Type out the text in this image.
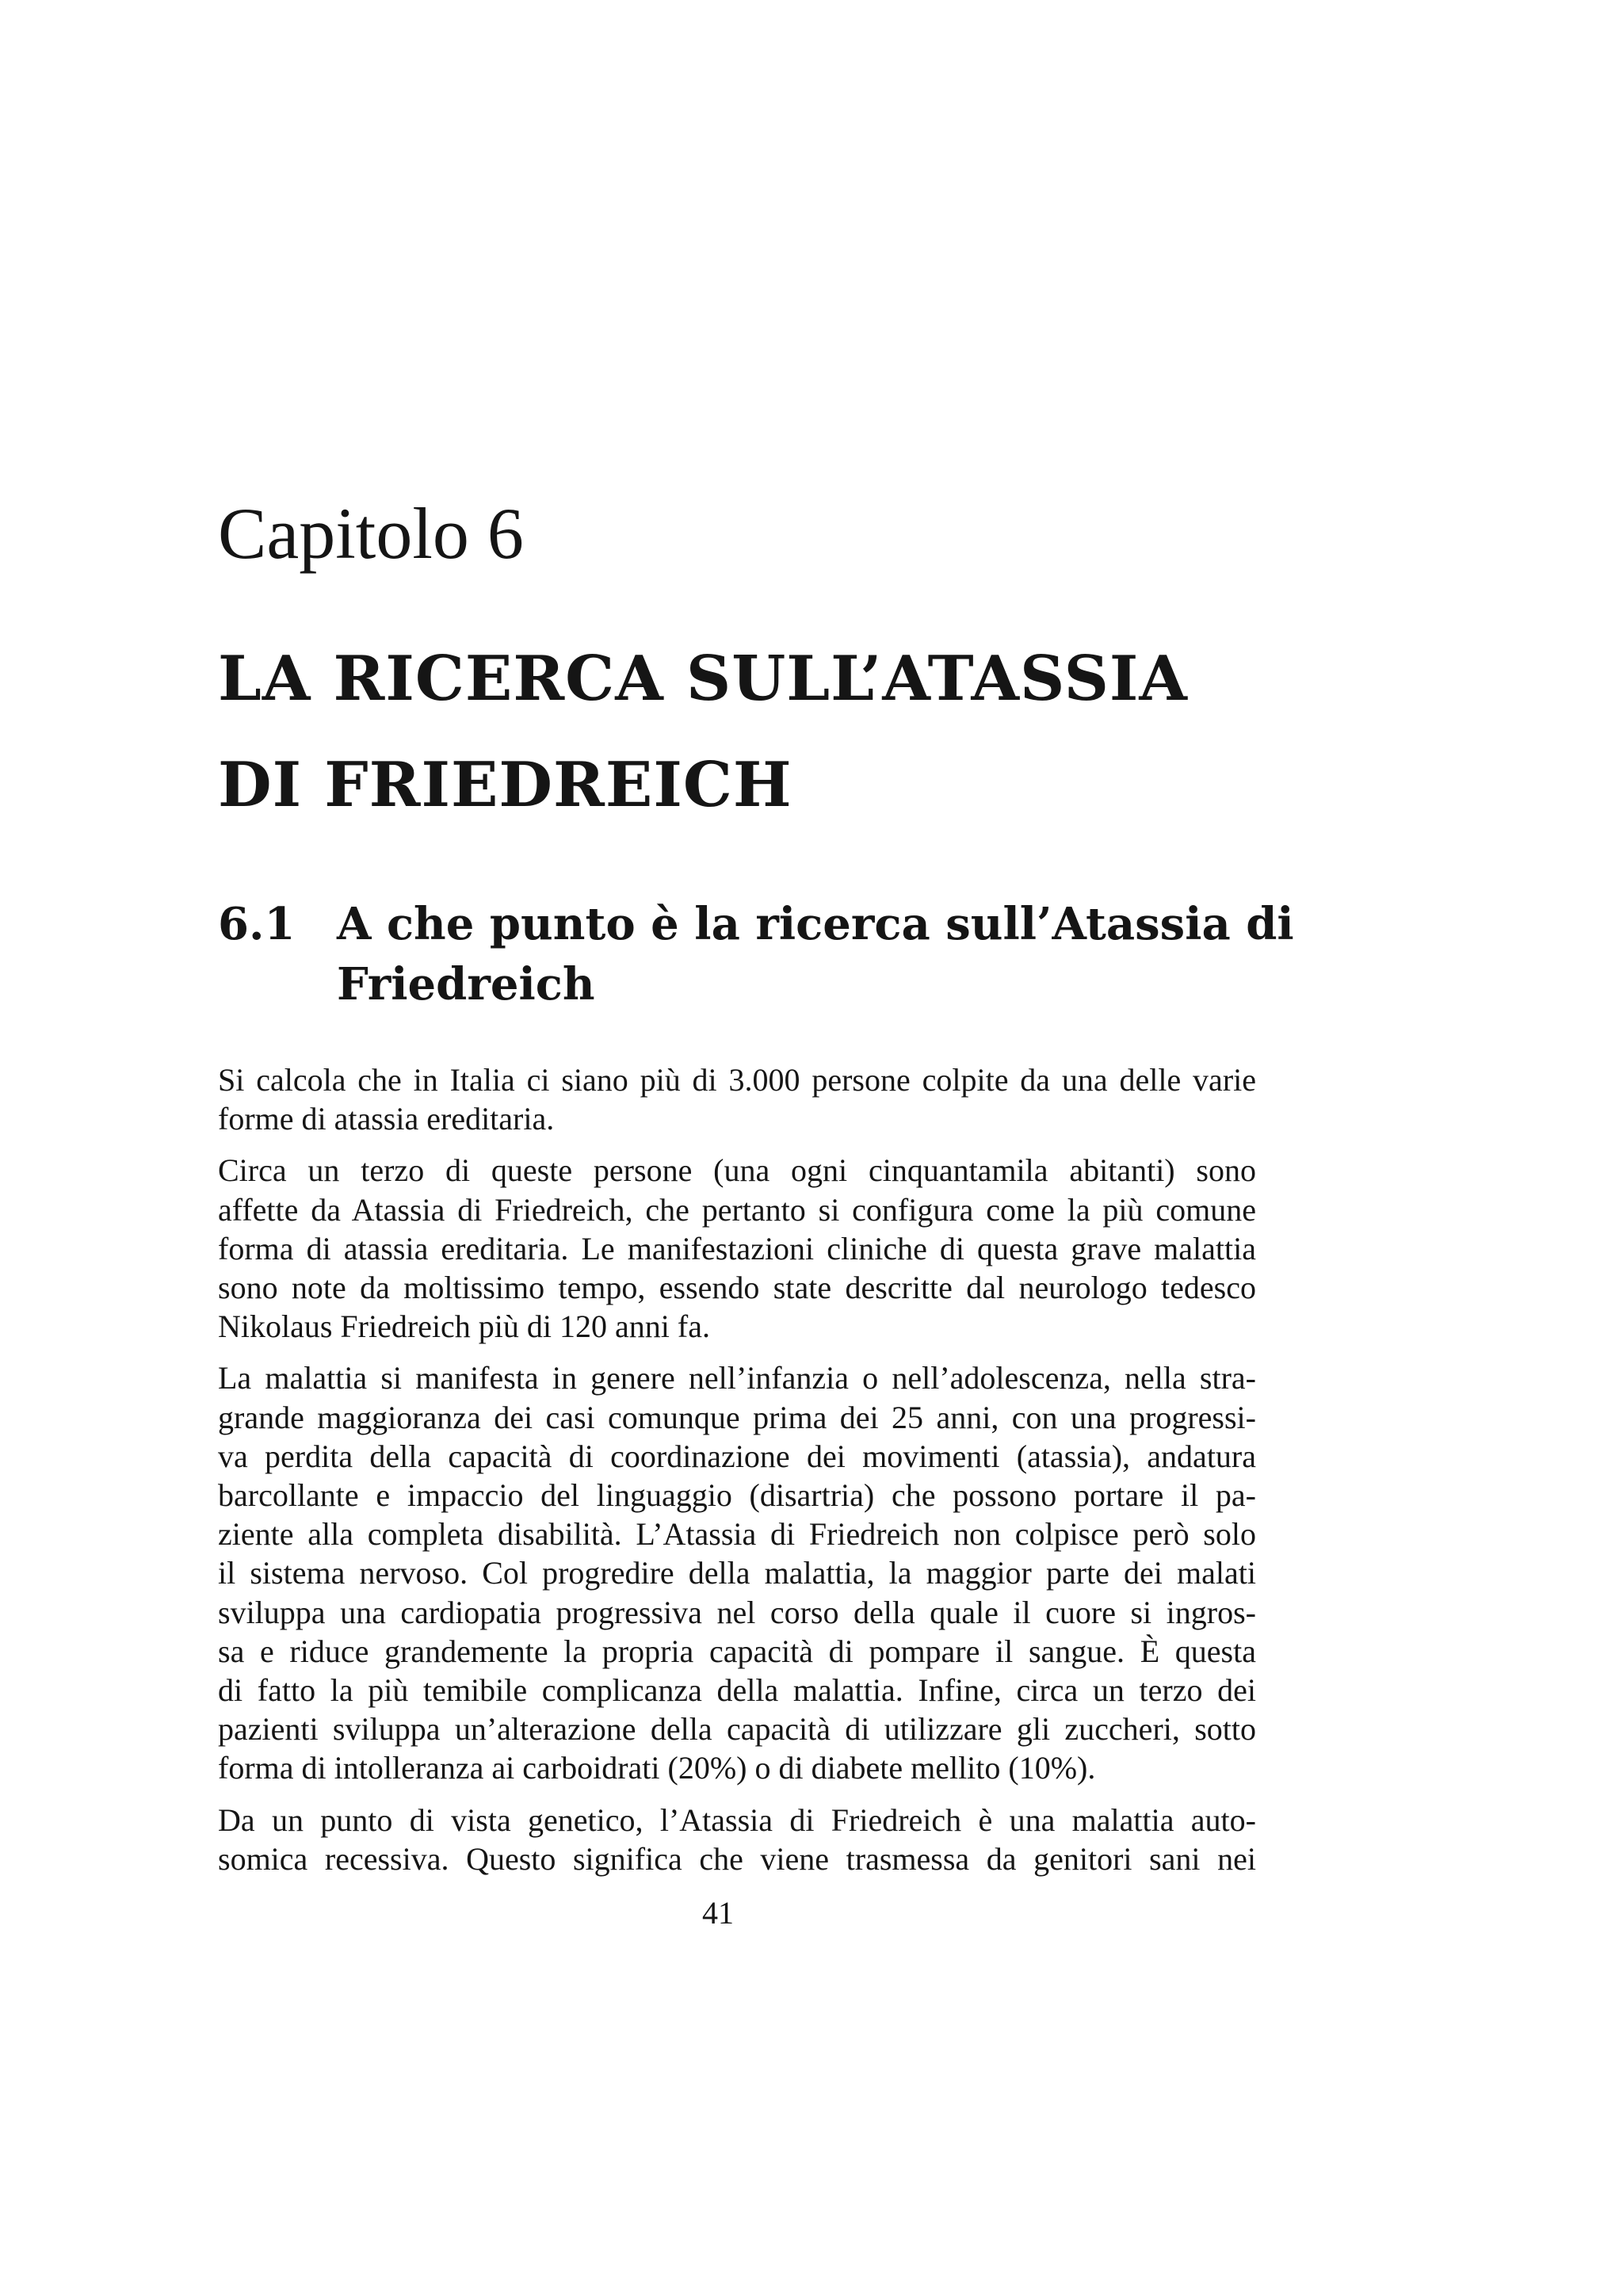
Capitolo 6
LA RICERCA SULL’ATASSIA
DI FRIEDREICH
6.1 A che punto è la ricerca sull’Atassia di
Friedreich

Si calcola che in Italia ci siano più di 3.000 persone colpite da una delle varie
forme di atassia ereditaria.

Circa un terzo di queste persone (una ogni cinquantamila abitanti) sono
affette da Atassia di Friedreich, che pertanto si configura come la più comune
forma di atassia ereditaria. Le manifestazioni cliniche di questa grave malattia
sono note da moltissimo tempo, essendo state descritte dal neurologo tedesco
Nikolaus Friedreich più di 120 anni fa.

La malattia si manifesta in genere nell’infanzia o nell’adolescenza, nella stra-
grande maggioranza dei casi comunque prima dei 25 anni, con una progressi-
va perdita della capacità di coordinazione dei movimenti (atassia), andatura
barcollante e impaccio del linguaggio (disartria) che possono portare il pa-
ziente alla completa disabilità. L’Atassia di Friedreich non colpisce però solo
il sistema nervoso. Col progredire della malattia, la maggior parte dei malati
sviluppa una cardiopatia progressiva nel corso della quale il cuore si ingros-
sa e riduce grandemente la propria capacità di pompare il sangue. È questa
di fatto la più temibile complicanza della malattia. Infine, circa un terzo dei
pazienti sviluppa un’alterazione della capacità di utilizzare gli zuccheri, sotto
forma di intolleranza ai carboidrati (20%) o di diabete mellito (10%).

Da un punto di vista genetico, l’Atassia di Friedreich è una malattia auto-
somica recessiva. Questo significa che viene trasmessa da genitori sani nei

41
